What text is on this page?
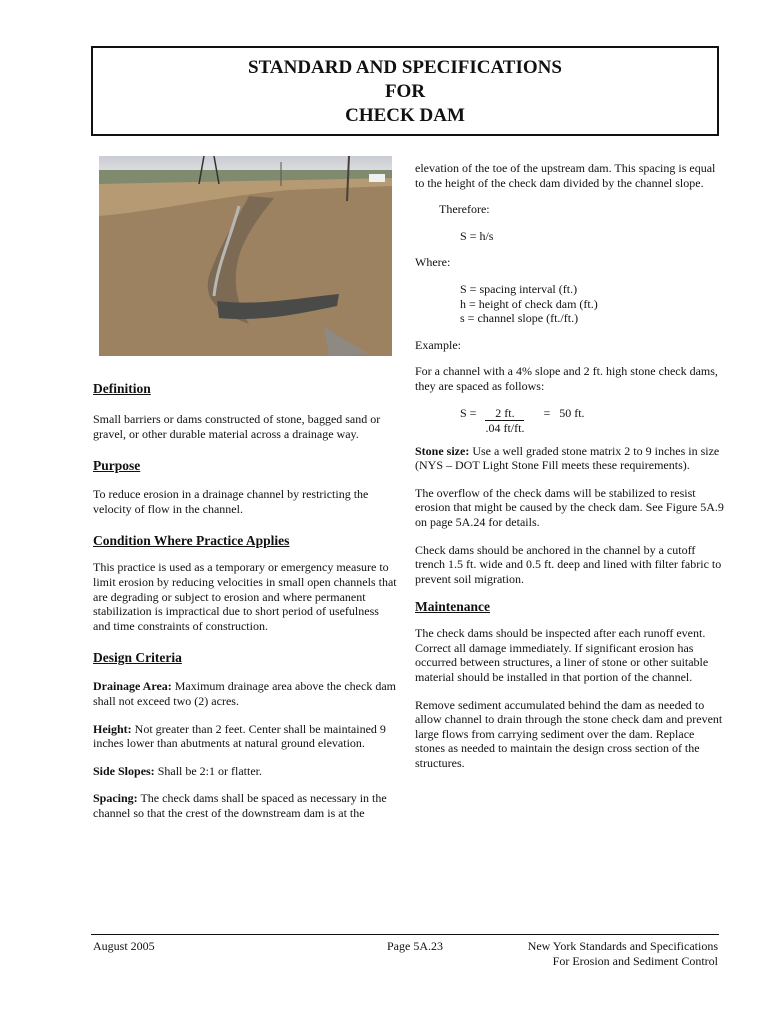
STANDARD AND SPECIFICATIONS
FOR
CHECK DAM
Definition

Small barriers or dams constructed of stone, bagged sand or gravel, or other durable material across a drainage way.

Purpose

To reduce erosion in a drainage channel by restricting the velocity of flow in the channel.

Condition Where Practice Applies

This practice is used as a temporary or emergency measure to limit erosion by reducing velocities in small open channels that are degrading or subject to erosion and where permanent stabilization is impractical due to short period of usefulness and time constraints of construction.

Design Criteria

Drainage Area: Maximum drainage area above the check dam shall not exceed two (2) acres.

Height: Not greater than 2 feet. Center shall be maintained 9 inches lower than abutments at natural ground elevation.

Side Slopes: Shall be 2:1 or flatter.

Spacing: The check dams shall be spaced as necessary in the channel so that the crest of the downstream dam is at the

elevation of the toe of the upstream dam. This spacing is equal to the height of the check dam divided by the channel slope.

Therefore:

S = h/s

Where:

S = spacing interval (ft.)

h = height of check dam (ft.)

s = channel slope (ft./ft.)

Example:

For a channel with a 4% slope and 2 ft. high stone check dams, they are spaced as follows:

$S = \frac{2 ft.}{.04 ft/ft.} = 50$ ft.

Stone size: Use a well graded stone matrix 2 to 9 inches in size (NYS – DOT Light Stone Fill meets these requirements).

The overflow of the check dams will be stabilized to resist erosion that might be caused by the check dam. See Figure 5A.9 on page 5A.24 for details.

Check dams should be anchored in the channel by a cutoff trench 1.5 ft. wide and 0.5 ft. deep and lined with filter fabric to prevent soil migration.

Maintenance

The check dams should be inspected after each runoff event. Correct all damage immediately. If significant erosion has occurred between structures, a liner of stone or other suitable material should be installed in that portion of the channel.

Remove sediment accumulated behind the dam as needed to allow channel to drain through the stone check dam and prevent large flows from carrying sediment over the dam. Replace stones as needed to maintain the design cross section of the structures.

August 2005	Page 5A.23	New York Standards and Specifications
For Erosion and Sediment Control
